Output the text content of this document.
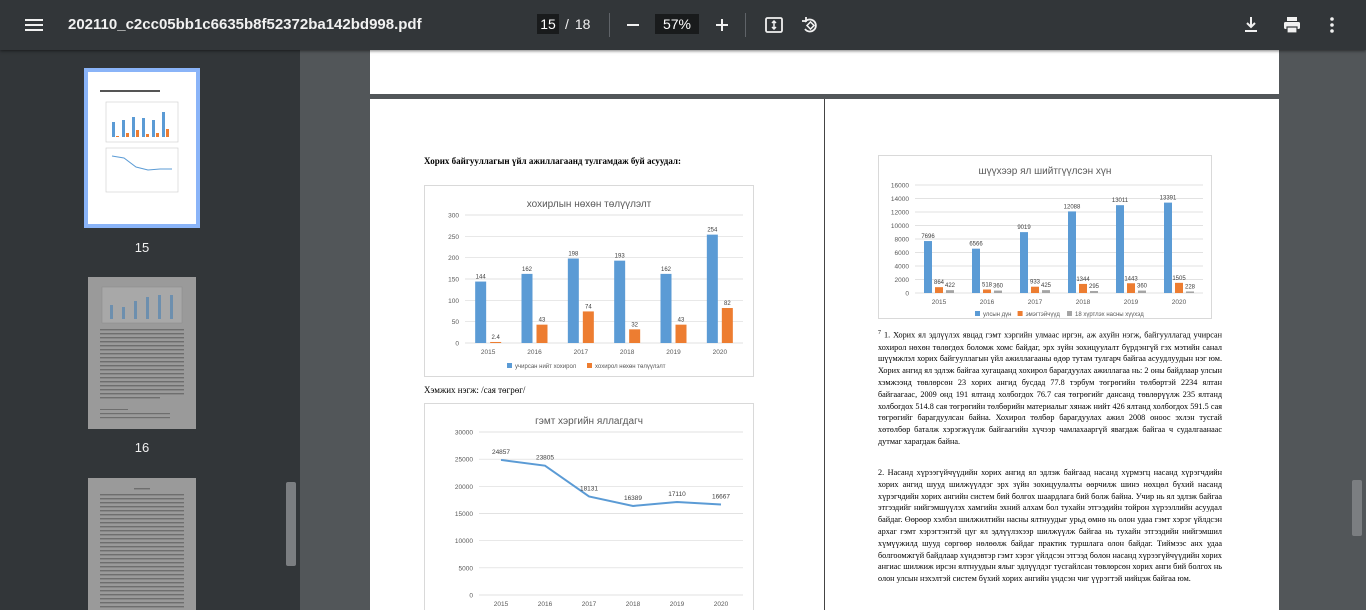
202110_c2cc05bb1c6635b8f52372ba142bd998.pdf
15	/ 18
57%
15
16
Хорих байгууллагын үйл ажиллагаанд тулгамдаж буй асуудал:
хохирлын нөхөн төлүүлэлт
0
50
100
150
200
250
300
2015	2016	2017	2018	2019	2020
144
162
198	193
162
254
2.4
43
74
32
43
82
учирсан нийт хохирол	хохирол нөхөн төлүүлэлт
Хэмжих нэгж: /сая төгрөг/
гэмт хэргийн яллагдагч
0
5000
10000
15000
20000
25000
30000
2015	2016	2017	2018	2019	2020
24857
23805
18131
16389
17110	16667
шүүхээр ял шийтгүүлсэн хүн
0
2000
4000
6000
8000
10000
12000
14000
16000
2015	2016	2017	2018	2019	2020
7696
6566
9019
12088
13011	13391
864	518	933	1344	1443	1505
422	360	425	295	360	228
улсын дүн эмэгтэйчүүд	18 хүртлэх насны хүүхэд
$^7$ 1. Хорих ял эдлүүлэх явцад гэмт хэргийн улмаас иргэн, аж ахуйн нэгж, байгууллагад учирсан хохирол нөхөн төлөгдөх боломж хомс байдаг, эрх зүйн зохицуулалт бүрдэнгүй гэх мэтийн санал шүүмжлэл хорих байгууллагын үйл ажиллагааны өдөр тутам тулгарч байгаа асуудлуудын нэг юм. Хорих ангид ял эдлэж байгаа хугацаанд хохирол барагдуулах ажиллагаа нь: 2 оны байдлаар улсын хэмжээнд төвлөрсөн 23 хорих ангид бусдад 77.8 тэрбум төгрөгийн төлбөртэй 2234 ялтан байгаагаас, 2009 онд 191 ялтанд холбогдох 76.7 сая төгрөгийг дансанд төвлөрүүлж 235 ялтанд холбогдох 514.8 сая төгрөгийн төлбөрийн материалыг хянаж нийт 426 ялтанд холбогдох 591.5 сая төгрөгийг барагдуулсан байна. Хохирол төлбөр барагдуулах ажил 2008 оноос эхлэн тусгай хөтөлбөр баталж хэрэгжүүлж байгаагийн хүчээр чамлахааргүй явагдаж байгаа ч судалгаанаас дутмаг харагдаж байна.
2. Насанд хүрээгүйчүүдийн хорих ангид ял эдлэж байгаад насанд хүрмэгц насанд хүрэгчдийн хорих ангид шууд шилжүүлдэг эрх зүйн зохицуулалты өөрчилж шинэ нөхцөл бүхий насанд хүрэгчдийн хорих ангийн систем бий болгох шаардлага бий болж байна. Учир нь ял эдлэж байгаа этгээдийг нийгэмшүүлэх хамгийн эхний алхам бол тухайн этгээдийн тойрон хүрээллийн асуудал байдаг. Өөрөөр хэлбэл шилжилтийн насны ялтнуудыг урьд өмнө нь олон удаа гэмт хэрэг үйлдсэн архаг гэмт хэрэгтэнтэй цуг ял эдлүүлэхээр шилжүүлж байгаа нь тухайн этгээдийн нийгэмшил хүмүүжилд шууд сөргөөр нөлөөлж байдаг практик туршлага олон байдаг. Тиймээс анх удаа болгоомжгүй байдлаар хүндэвтэр гэмт хэрэг үйлдсэн этгээд болон насанд хүрээгүйчүүдийн хорих ангиас шилжиж ирсэн ялтнуудын ялыг эдлүүлдэг тусгайлсан төвлөрсөн хорих анги бий болгох нь олон улсын нэхэлтэй систем бүхий хорих ангийн үндсэн чиг үүрэгтэй нийцэж байгаа юм.
